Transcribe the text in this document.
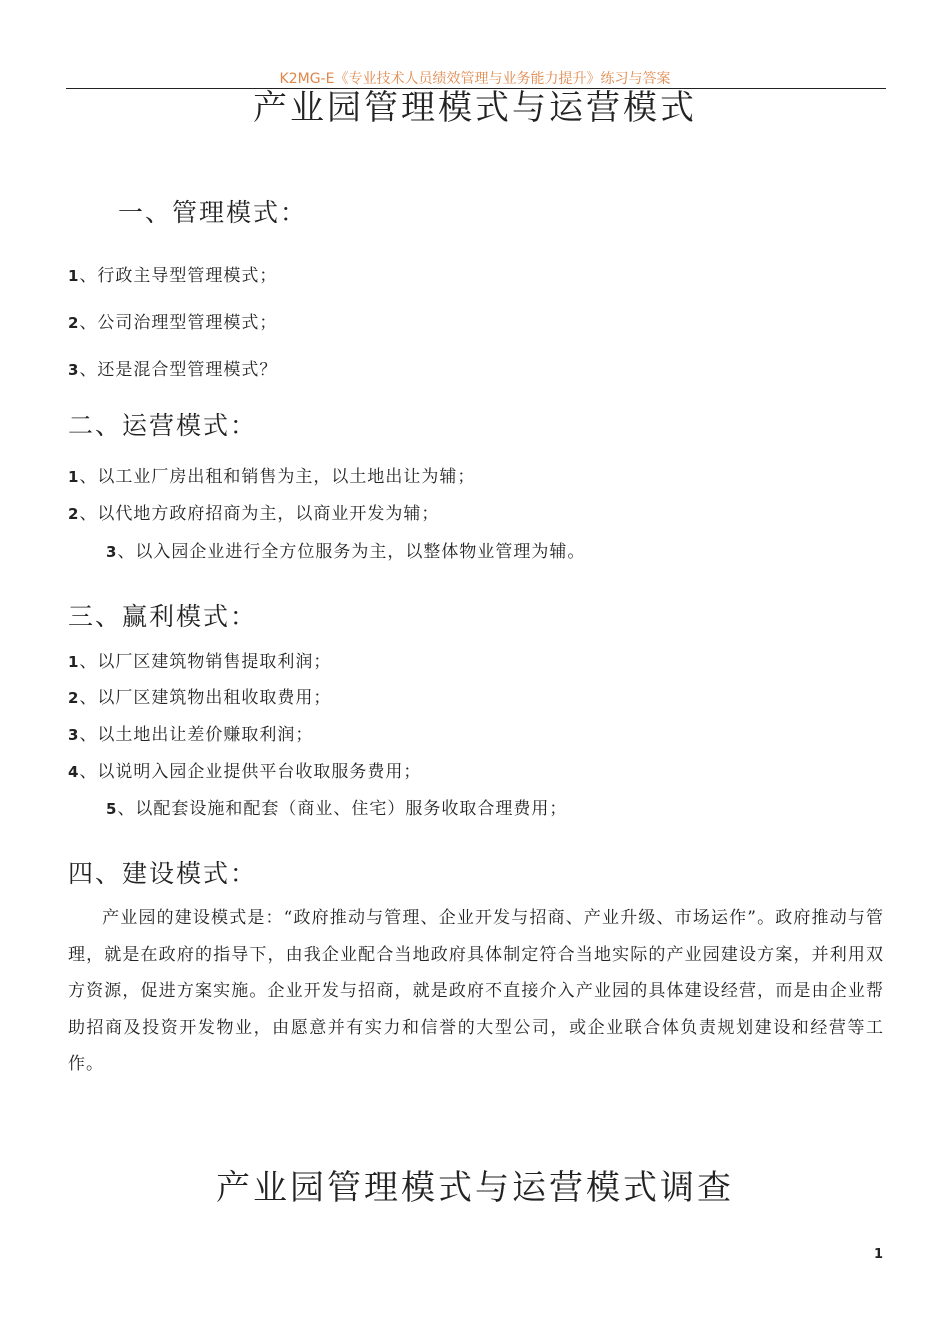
K2MG-E《专业技术人员绩效管理与业务能力提升》练习与答案
产业园管理模式与运营模式
一、管理模式：
1、行政主导型管理模式；
2、公司治理型管理模式；
3、还是混合型管理模式？
二、运营模式：
1、以工业厂房出租和销售为主，以土地出让为辅；
2、以代地方政府招商为主，以商业开发为辅；
3、以入园企业进行全方位服务为主，以整体物业管理为辅。
三、赢利模式：
1、以厂区建筑物销售提取利润；
2、以厂区建筑物出租收取费用；
3、以土地出让差价赚取利润；
4、以说明入园企业提供平台收取服务费用；
5、以配套设施和配套（商业、住宅）服务收取合理费用；
四、建设模式：
产业园的建设模式是：“政府推动与管理、企业开发与招商、产业升级、市场运作”。政府推动与管理，就是在政府的指导下，由我企业配合当地政府具体制定符合当地实际的产业园建设方案，并利用双方资源，促进方案实施。企业开发与招商，就是政府不直接介入产业园的具体建设经营，而是由企业帮助招商及投资开发物业，由愿意并有实力和信誉的大型公司，或企业联合体负责规划建设和经营等工作。
产业园管理模式与运营模式调查
1
